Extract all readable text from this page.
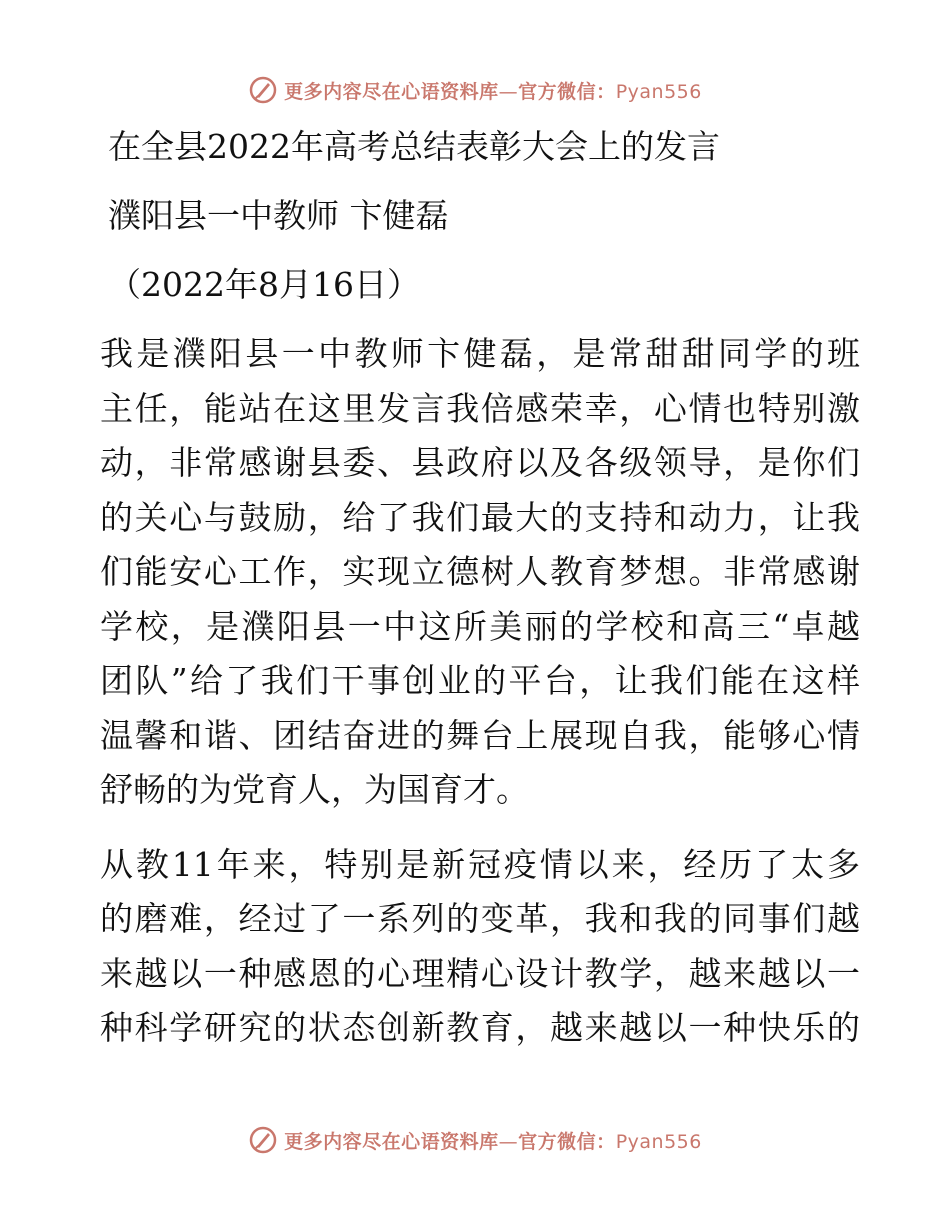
更多内容尽在心语资料库—官方微信：Pyan556

在全县2022年高考总结表彰大会上的发言

濮阳县一中教师 卞健磊

（2022年8月16日）

我是濮阳县一中教师卞健磊，是常甜甜同学的班
主任，能站在这里发言我倍感荣幸，心情也特别激
动，非常感谢县委、县政府以及各级领导，是你们
的关心与鼓励，给了我们最大的支持和动力，让我
们能安心工作，实现立德树人教育梦想。非常感谢
学校，是濮阳县一中这所美丽的学校和高三“卓越
团队”给了我们干事创业的平台，让我们能在这样
温馨和谐、团结奋进的舞台上展现自我，能够心情
舒畅的为党育人，为国育才。
从教11年来，特别是新冠疫情以来，经历了太多
的磨难，经过了一系列的变革，我和我的同事们越
来越以一种感恩的心理精心设计教学，越来越以一
种科学研究的状态创新教育，越来越以一种快乐的
更多内容尽在心语资料库—官方微信：Pyan556
